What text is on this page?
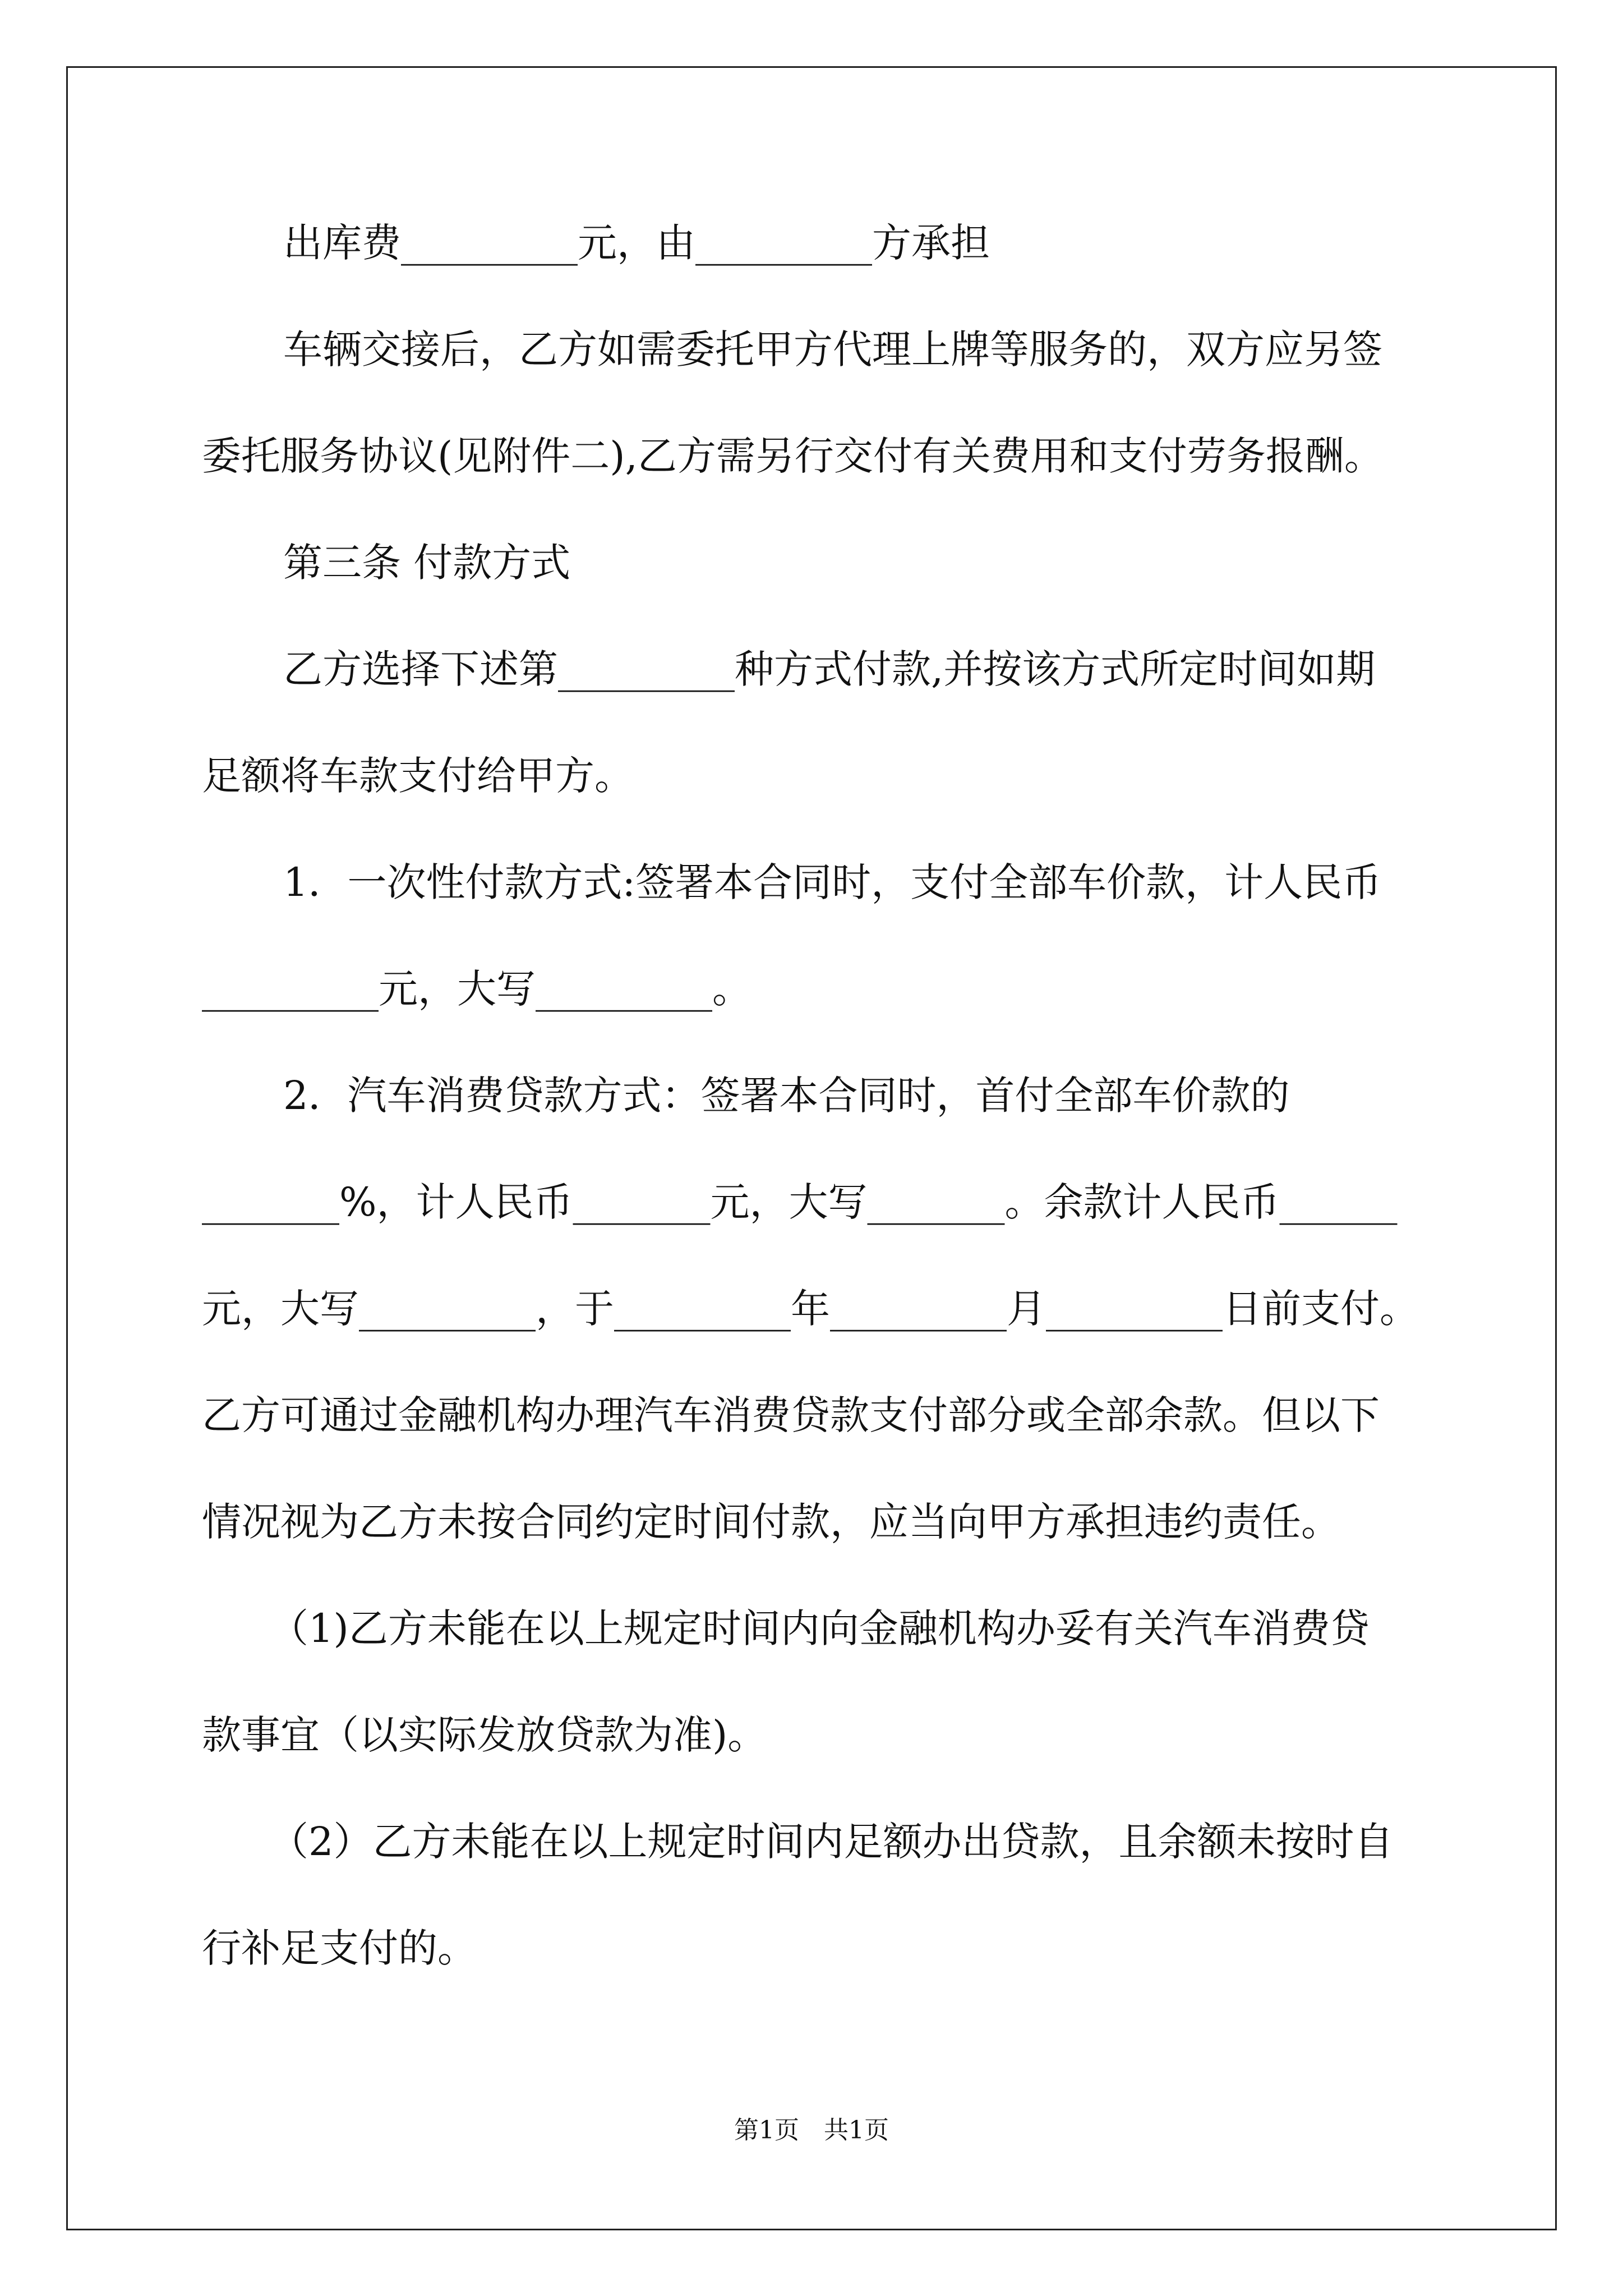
出库费_________元，由_________方承担
车辆交接后，乙方如需委托甲方代理上牌等服务的，双方应另签
委托服务协议(见附件二),乙方需另行交付有关费用和支付劳务报酬。
第三条 付款方式
乙方选择下述第_________种方式付款,并按该方式所定时间如期
足额将车款支付给甲方。
1．一次性付款方式:签署本合同时，支付全部车价款，计人民币
_________元，大写_________。
2．汽车消费贷款方式：签署本合同时，首付全部车价款的
_______%，计人民币_______元，大写_______。余款计人民币______
元，大写_________，于_________年_________月_________日前支付。
乙方可通过金融机构办理汽车消费贷款支付部分或全部余款。但以下
情况视为乙方未按合同约定时间付款，应当向甲方承担违约责任。
（1)乙方未能在以上规定时间内向金融机构办妥有关汽车消费贷
款事宜（以实际发放贷款为准)。
（2）乙方未能在以上规定时间内足额办出贷款，且余额未按时自
行补足支付的。
第1页　共1页
